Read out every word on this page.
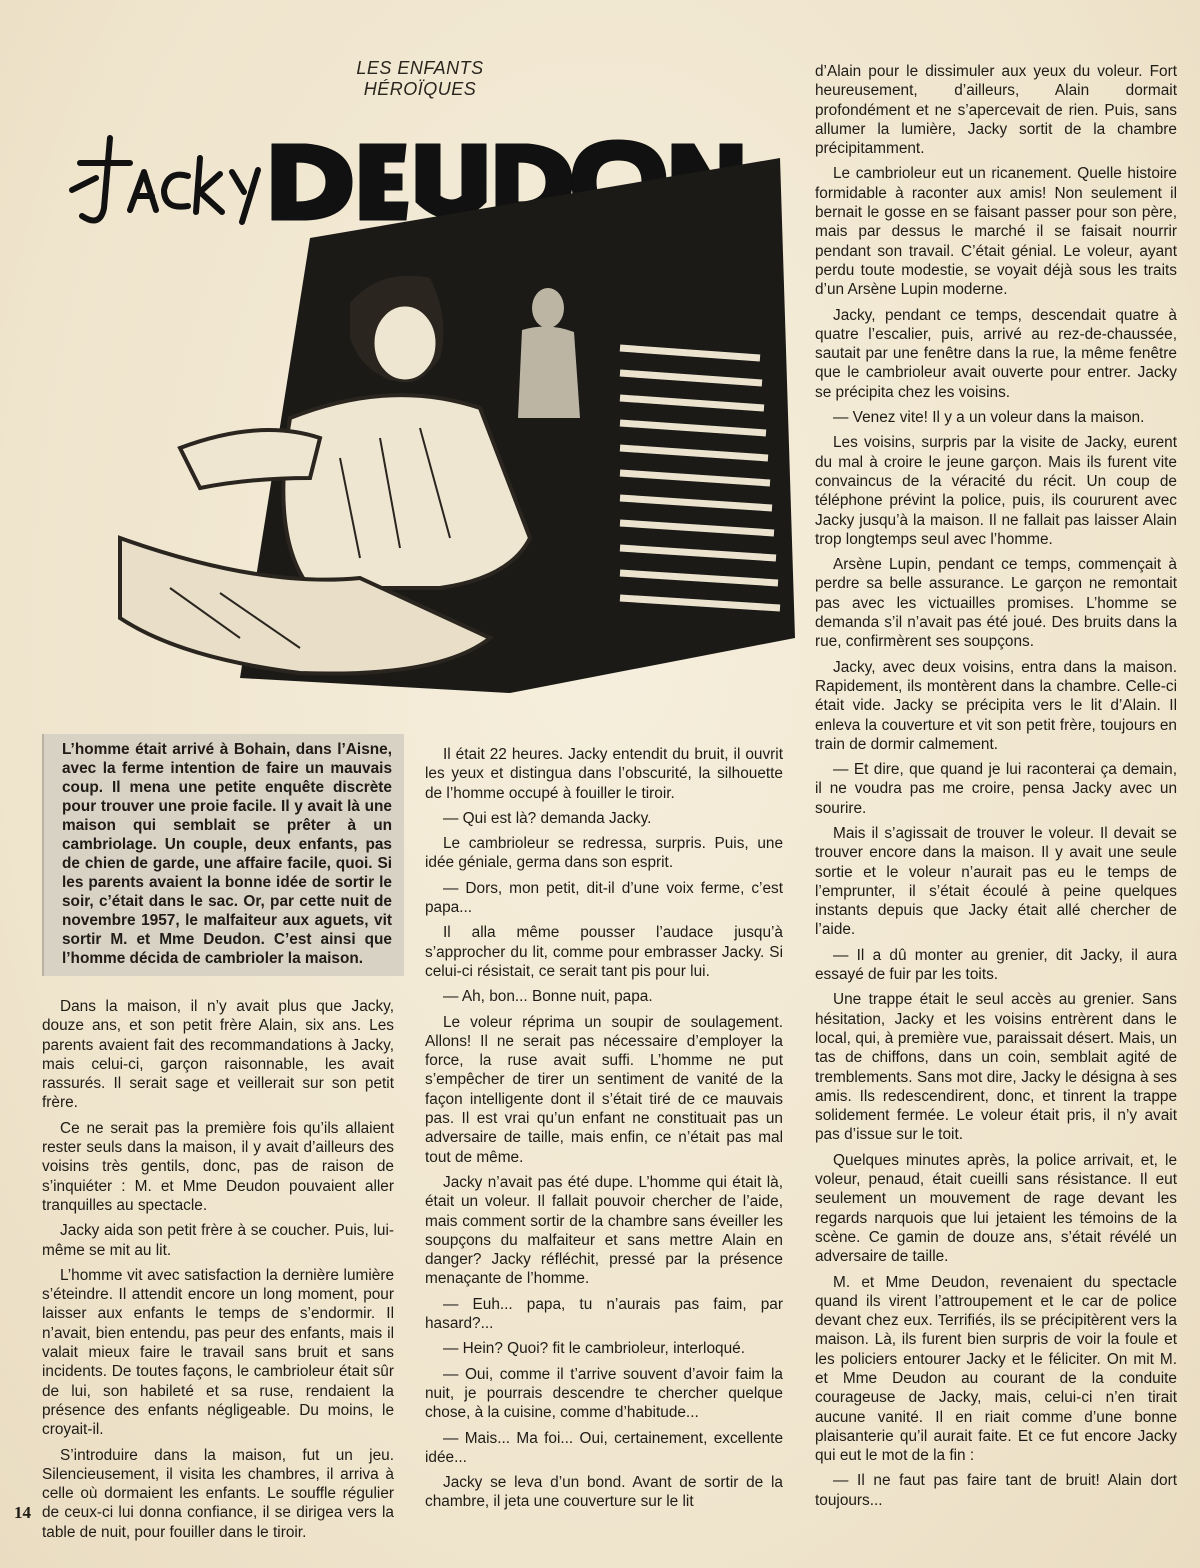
LES ENFANTS HÉROÏQUES
L’homme était arrivé à Bohain, dans l’Aisne, avec la ferme intention de faire un mauvais coup. Il mena une petite enquête discrète pour trouver une proie facile. Il y avait là une maison qui semblait se prêter à un cambriolage. Un couple, deux enfants, pas de chien de garde, une affaire facile, quoi. Si les parents avaient la bonne idée de sortir le soir, c’était dans le sac. Or, par cette nuit de novembre 1957, le malfaiteur aux aguets, vit sortir M. et Mme Deudon. C’est ainsi que l’homme décida de cambrioler la maison.

Dans la maison, il n’y avait plus que Jacky, douze ans, et son petit frère Alain, six ans. Les parents avaient fait des recommandations à Jacky, mais celui-ci, garçon raisonnable, les avait rassurés. Il serait sage et veillerait sur son petit frère.

Ce ne serait pas la première fois qu’ils allaient rester seuls dans la maison, il y avait d’ailleurs des voisins très gentils, donc, pas de raison de s’inquiéter : M. et Mme Deudon pouvaient aller tranquilles au spectacle.

Jacky aida son petit frère à se coucher. Puis, lui-même se mit au lit.

L’homme vit avec satisfaction la dernière lumière s’éteindre. Il attendit encore un long moment, pour laisser aux enfants le temps de s’endormir. Il n’avait, bien entendu, pas peur des enfants, mais il valait mieux faire le travail sans bruit et sans incidents. De toutes façons, le cambrioleur était sûr de lui, son habileté et sa ruse, rendaient la présence des enfants négligeable. Du moins, le croyait-il.

S’introduire dans la maison, fut un jeu. Silencieusement, il visita les chambres, il arriva à celle où dormaient les enfants. Le souffle régulier de ceux-ci lui donna confiance, il se dirigea vers la table de nuit, pour fouiller dans le tiroir.

Il était 22 heures. Jacky entendit du bruit, il ouvrit les yeux et distingua dans l’obscurité, la silhouette de l’homme occupé à fouiller le tiroir.

— Qui est là? demanda Jacky.

Le cambrioleur se redressa, surpris. Puis, une idée géniale, germa dans son esprit.

— Dors, mon petit, dit-il d’une voix ferme, c’est papa...

Il alla même pousser l’audace jusqu’à s’approcher du lit, comme pour embrasser Jacky. Si celui-ci résistait, ce serait tant pis pour lui.

— Ah, bon... Bonne nuit, papa.

Le voleur réprima un soupir de soulagement. Allons! Il ne serait pas nécessaire d’employer la force, la ruse avait suffi. L’homme ne put s’empêcher de tirer un sentiment de vanité de la façon intelligente dont il s’était tiré de ce mauvais pas. Il est vrai qu’un enfant ne constituait pas un adversaire de taille, mais enfin, ce n’était pas mal tout de même.

Jacky n’avait pas été dupe. L’homme qui était là, était un voleur. Il fallait pouvoir chercher de l’aide, mais comment sortir de la chambre sans éveiller les soupçons du malfaiteur et sans mettre Alain en danger? Jacky réfléchit, pressé par la présence menaçante de l’homme.

— Euh... papa, tu n’aurais pas faim, par hasard?...

— Hein? Quoi? fit le cambrioleur, interloqué.

— Oui, comme il t’arrive souvent d’avoir faim la nuit, je pourrais descendre te chercher quelque chose, à la cuisine, comme d’habitude...

— Mais... Ma foi... Oui, certainement, excellente idée...

Jacky se leva d’un bond. Avant de sortir de la chambre, il jeta une couverture sur le lit

d’Alain pour le dissimuler aux yeux du voleur. Fort heureusement, d’ailleurs, Alain dormait profondément et ne s’apercevait de rien. Puis, sans allumer la lumière, Jacky sortit de la chambre précipitamment.

Le cambrioleur eut un ricanement. Quelle histoire formidable à raconter aux amis! Non seulement il bernait le gosse en se faisant passer pour son père, mais par dessus le marché il se faisait nourrir pendant son travail. C’était génial. Le voleur, ayant perdu toute modestie, se voyait déjà sous les traits d’un Arsène Lupin moderne.

Jacky, pendant ce temps, descendait quatre à quatre l’escalier, puis, arrivé au rez-de-chaussée, sautait par une fenêtre dans la rue, la même fenêtre que le cambrioleur avait ouverte pour entrer. Jacky se précipita chez les voisins.

— Venez vite! Il y a un voleur dans la maison.

Les voisins, surpris par la visite de Jacky, eurent du mal à croire le jeune garçon. Mais ils furent vite convaincus de la véracité du récit. Un coup de téléphone prévint la police, puis, ils coururent avec Jacky jusqu’à la maison. Il ne fallait pas laisser Alain trop longtemps seul avec l’homme.

Arsène Lupin, pendant ce temps, commençait à perdre sa belle assurance. Le garçon ne remontait pas avec les victuailles promises. L’homme se demanda s’il n’avait pas été joué. Des bruits dans la rue, confirmèrent ses soupçons.

Jacky, avec deux voisins, entra dans la maison. Rapidement, ils montèrent dans la chambre. Celle-ci était vide. Jacky se précipita vers le lit d’Alain. Il enleva la couverture et vit son petit frère, toujours en train de dormir calmement.

— Et dire, que quand je lui raconterai ça demain, il ne voudra pas me croire, pensa Jacky avec un sourire.

Mais il s’agissait de trouver le voleur. Il devait se trouver encore dans la maison. Il y avait une seule sortie et le voleur n’aurait pas eu le temps de l’emprunter, il s’était écoulé à peine quelques instants depuis que Jacky était allé chercher de l’aide.

— Il a dû monter au grenier, dit Jacky, il aura essayé de fuir par les toits.

Une trappe était le seul accès au grenier. Sans hésitation, Jacky et les voisins entrèrent dans le local, qui, à première vue, paraissait désert. Mais, un tas de chiffons, dans un coin, semblait agité de tremblements. Sans mot dire, Jacky le désigna à ses amis. Ils redescendirent, donc, et tinrent la trappe solidement fermée. Le voleur était pris, il n’y avait pas d’issue sur le toit.

Quelques minutes après, la police arrivait, et, le voleur, penaud, était cueilli sans résistance. Il eut seulement un mouvement de rage devant les regards narquois que lui jetaient les témoins de la scène. Ce gamin de douze ans, s’était révélé un adversaire de taille.

M. et Mme Deudon, revenaient du spectacle quand ils virent l’attroupement et le car de police devant chez eux. Terrifiés, ils se précipitèrent vers la maison. Là, ils furent bien surpris de voir la foule et les policiers entourer Jacky et le féliciter. On mit M. et Mme Deudon au courant de la conduite courageuse de Jacky, mais, celui-ci n’en tirait aucune vanité. Il en riait comme d’une bonne plaisanterie qu’il aurait faite. Et ce fut encore Jacky qui eut le mot de la fin :

— Il ne faut pas faire tant de bruit! Alain dort toujours...

14
